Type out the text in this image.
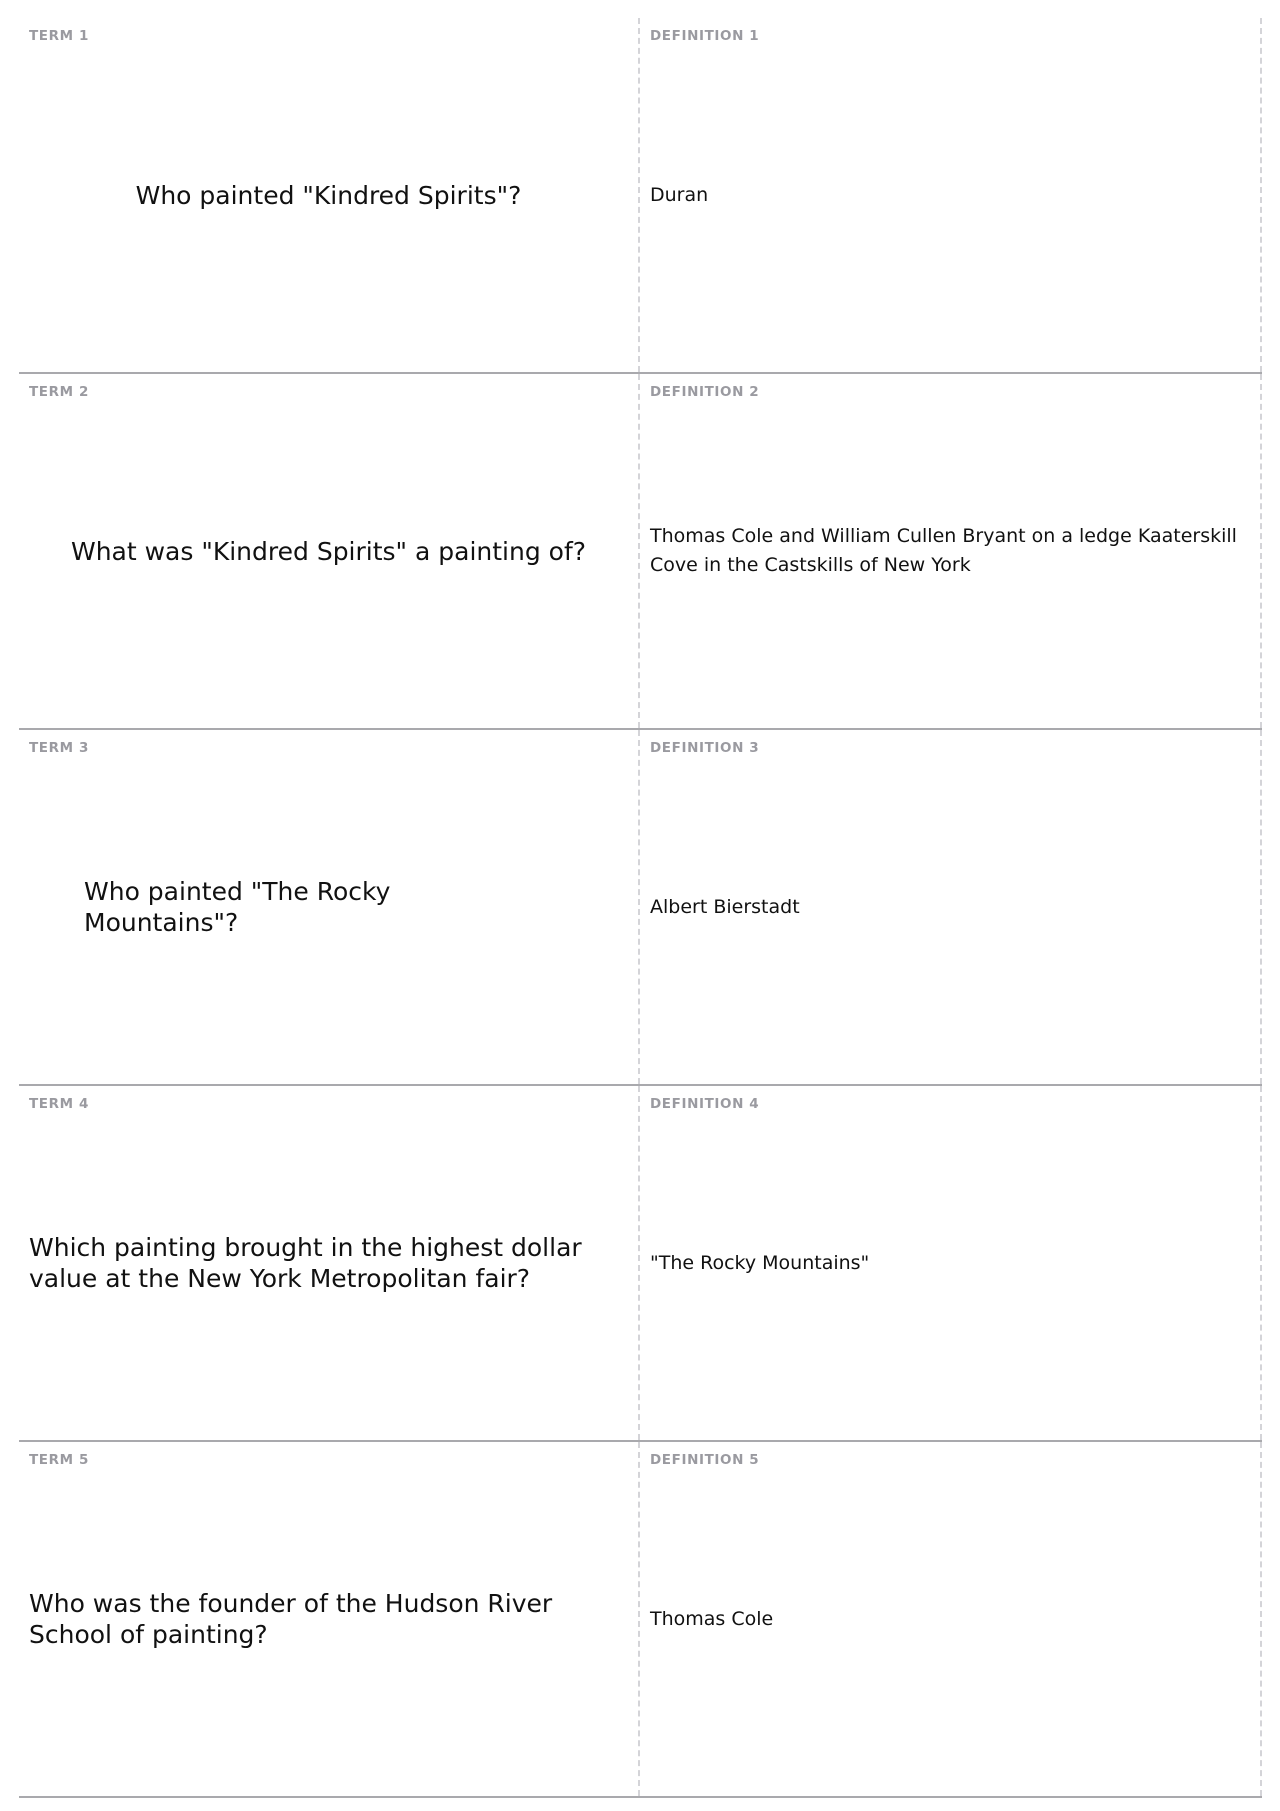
TERM 1
Who painted "Kindred Spirits"?
DEFINITION 1
Duran
TERM 2
What was "Kindred Spirits" a painting of?
DEFINITION 2
Thomas Cole and William Cullen Bryant on a ledge Kaaterskill Cove in the Castskills of New York
TERM 3
Who painted "The Rocky Mountains"?
DEFINITION 3
Albert Bierstadt
TERM 4
Which painting brought in the highest dollar value at the New York Metropolitan fair?
DEFINITION 4
"The Rocky Mountains"
TERM 5
Who was the founder of the Hudson River School of painting?
DEFINITION 5
Thomas Cole
